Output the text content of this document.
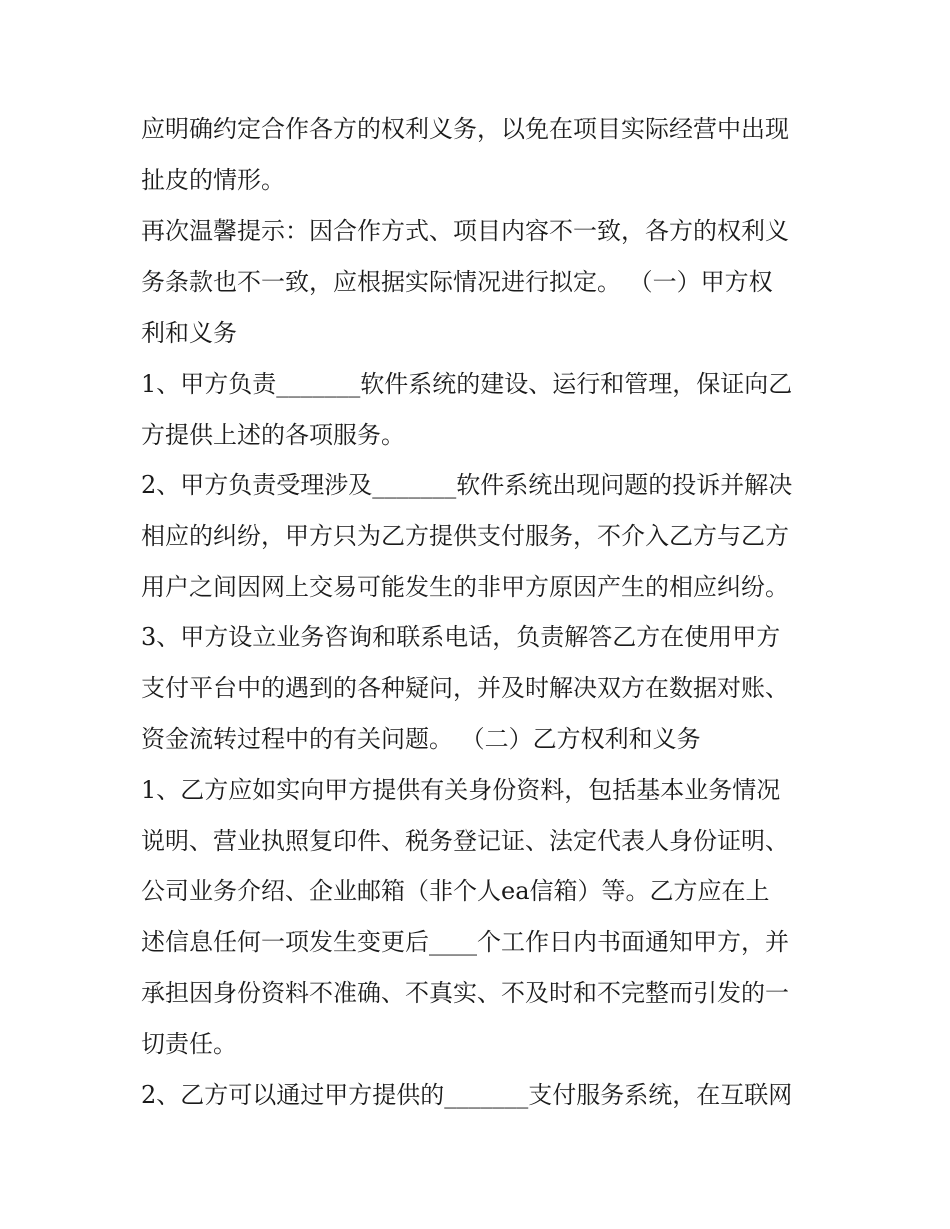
应明确约定合作各方的权利义务，以免在项目实际经营中出现
扯皮的情形。
再次温馨提示：因合作方式、项目内容不一致，各方的权利义
务条款也不一致，应根据实际情况进行拟定。 （一）甲方权
利和义务
1、甲方负责_______软件系统的建设、运行和管理，保证向乙
方提供上述的各项服务。
2、甲方负责受理涉及_______软件系统出现问题的投诉并解决
相应的纠纷，甲方只为乙方提供支付服务，不介入乙方与乙方
用户之间因网上交易可能发生的非甲方原因产生的相应纠纷。
3、甲方设立业务咨询和联系电话，负责解答乙方在使用甲方
支付平台中的遇到的各种疑问，并及时解决双方在数据对账、
资金流转过程中的有关问题。 （二）乙方权利和义务
1、乙方应如实向甲方提供有关身份资料，包括基本业务情况
说明、营业执照复印件、税务登记证、法定代表人身份证明、
公司业务介绍、企业邮箱（非个人ea信箱）等。乙方应在上
述信息任何一项发生变更后____个工作日内书面通知甲方，并
承担因身份资料不准确、不真实、不及时和不完整而引发的一
切责任。
2、乙方可以通过甲方提供的_______支付服务系统，在互联网
